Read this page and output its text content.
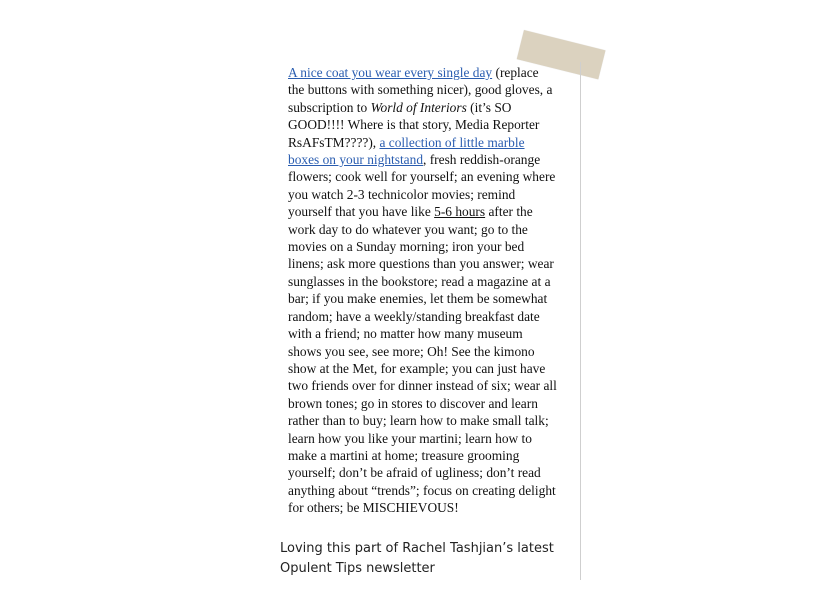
A nice coat you wear every single day (replace the buttons with something nicer), good gloves, a subscription to World of Interiors (it’s SO GOOD!!!! Where is that story, Media Reporter RsAFsTM????), a collection of little marble boxes on your nightstand, fresh reddish-orange flowers; cook well for yourself; an evening where you watch 2-3 technicolor movies; remind yourself that you have like 5-6 hours after the work day to do whatever you want; go to the movies on a Sunday morning; iron your bed linens; ask more questions than you answer; wear sunglasses in the bookstore; read a magazine at a bar; if you make enemies, let them be somewhat random; have a weekly/standing breakfast date with a friend; no matter how many museum shows you see, see more; Oh! See the kimono show at the Met, for example; you can just have two friends over for dinner instead of six; wear all brown tones; go in stores to discover and learn rather than to buy; learn how to make small talk; learn how you like your martini; learn how to make a martini at home; treasure grooming yourself; don’t be afraid of ugliness; don’t read anything about “trends”; focus on creating delight for others; be MISCHIEVOUS!

Loving this part of Rachel Tashjian’s latest
Opulent Tips newsletter
